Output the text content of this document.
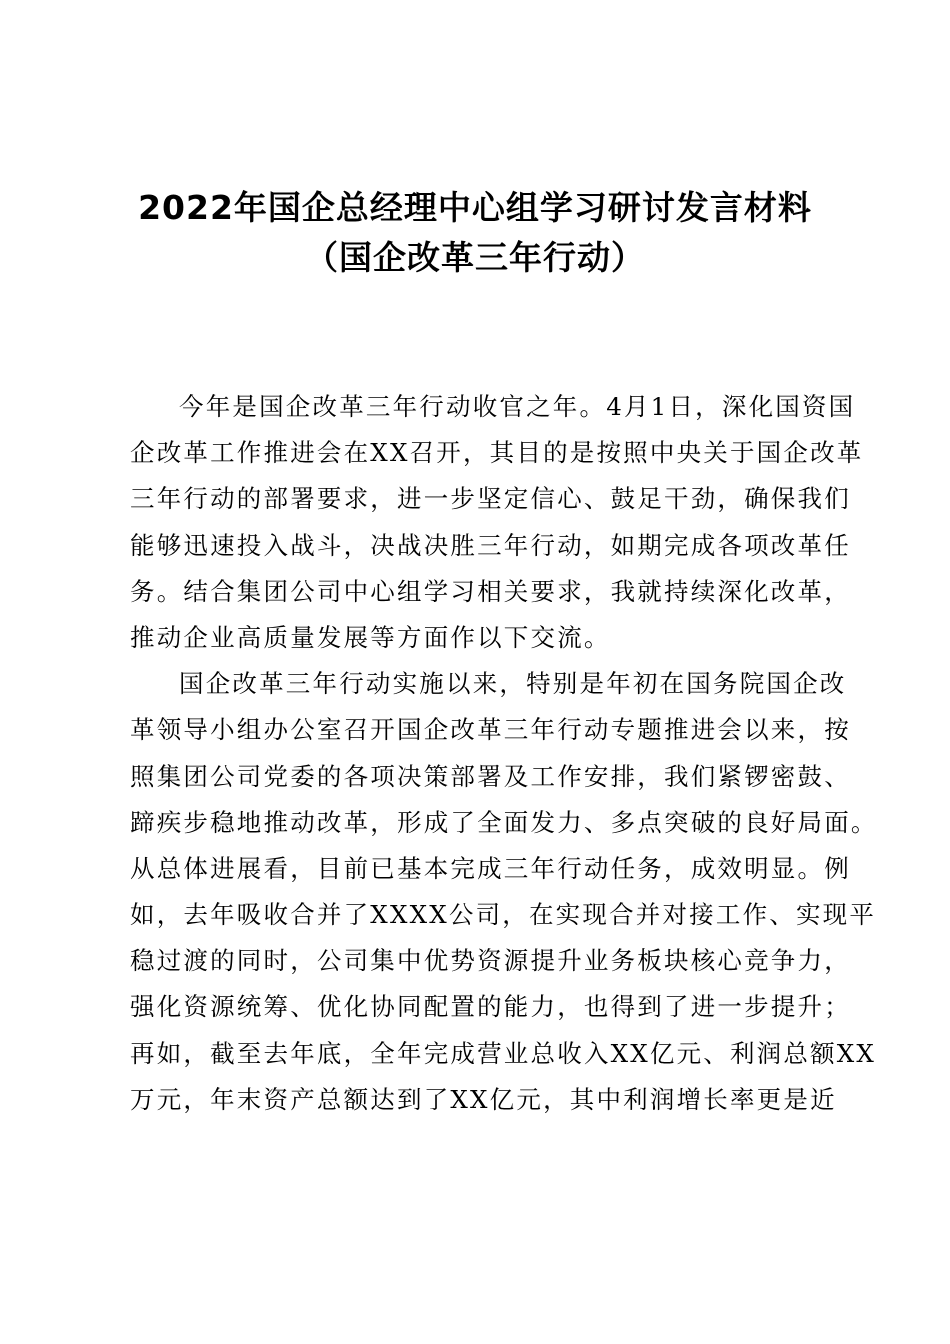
2022年国企总经理中心组学习研讨发言材料
（国企改革三年行动）
今年是国企改革三年行动收官之年。4月1日，深化国资国
企改革工作推进会在XX召开，其目的是按照中央关于国企改革
三年行动的部署要求，进一步坚定信心、鼓足干劲，确保我们
能够迅速投入战斗，决战决胜三年行动，如期完成各项改革任
务。结合集团公司中心组学习相关要求，我就持续深化改革，
推动企业高质量发展等方面作以下交流。
国企改革三年行动实施以来，特别是年初在国务院国企改
革领导小组办公室召开国企改革三年行动专题推进会以来，按
照集团公司党委的各项决策部署及工作安排，我们紧锣密鼓、
蹄疾步稳地推动改革，形成了全面发力、多点突破的良好局面。
从总体进展看，目前已基本完成三年行动任务，成效明显。例
如，去年吸收合并了XXXX公司，在实现合并对接工作、实现平
稳过渡的同时，公司集中优势资源提升业务板块核心竞争力，
强化资源统筹、优化协同配置的能力，也得到了进一步提升；
再如，截至去年底，全年完成营业总收入XX亿元、利润总额XX
万元，年末资产总额达到了XX亿元，其中利润增长率更是近
